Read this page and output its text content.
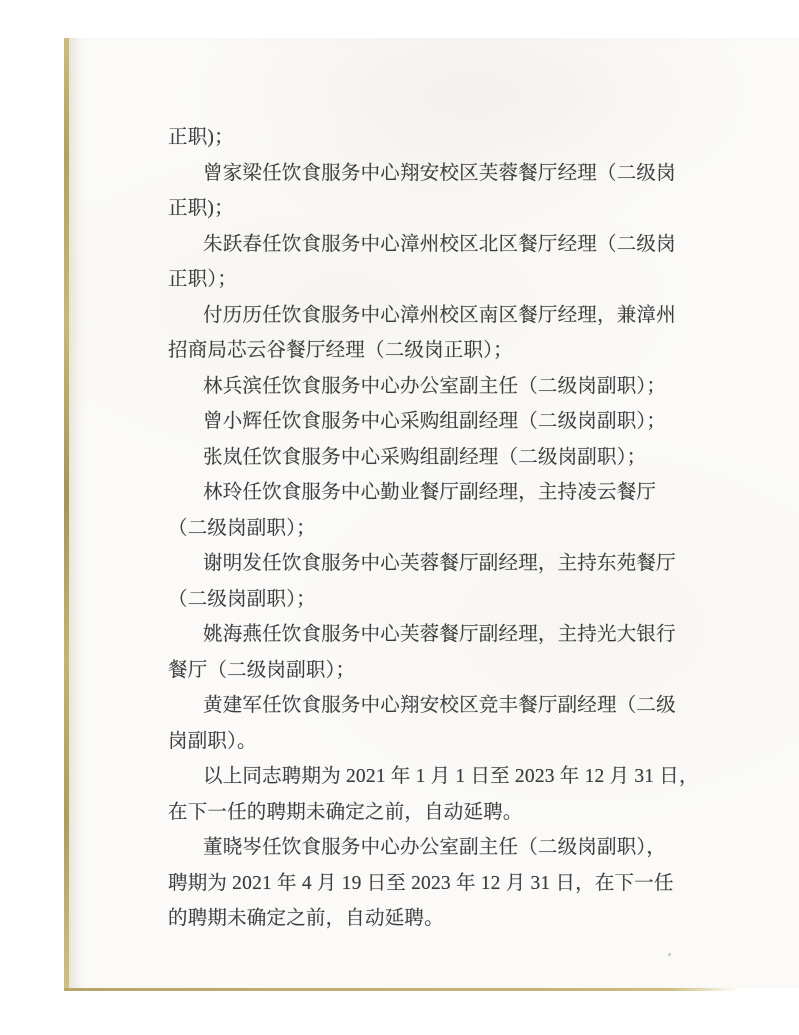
正职)；
曾家梁任饮食服务中心翔安校区芙蓉餐厅经理（二级岗
正职)；
朱跃春任饮食服务中心漳州校区北区餐厅经理（二级岗
正职）；
付历历任饮食服务中心漳州校区南区餐厅经理，兼漳州
招商局芯云谷餐厅经理（二级岗正职）；
林兵滨任饮食服务中心办公室副主任（二级岗副职）；
曾小辉任饮食服务中心采购组副经理（二级岗副职）；
张岚任饮食服务中心采购组副经理（二级岗副职）；
林玲任饮食服务中心勤业餐厅副经理，主持凌云餐厅
（二级岗副职）；
谢明发任饮食服务中心芙蓉餐厅副经理，主持东苑餐厅
（二级岗副职）；
姚海燕任饮食服务中心芙蓉餐厅副经理，主持光大银行
餐厅（二级岗副职）；
黄建军任饮食服务中心翔安校区竞丰餐厅副经理（二级
岗副职）。
以上同志聘期为 2021 年 1 月 1 日至 2023 年 12 月 31 日，
在下一任的聘期未确定之前，自动延聘。
董晓岑任饮食服务中心办公室副主任（二级岗副职），
聘期为 2021 年 4 月 19 日至 2023 年 12 月 31 日，在下一任
的聘期未确定之前，自动延聘。
